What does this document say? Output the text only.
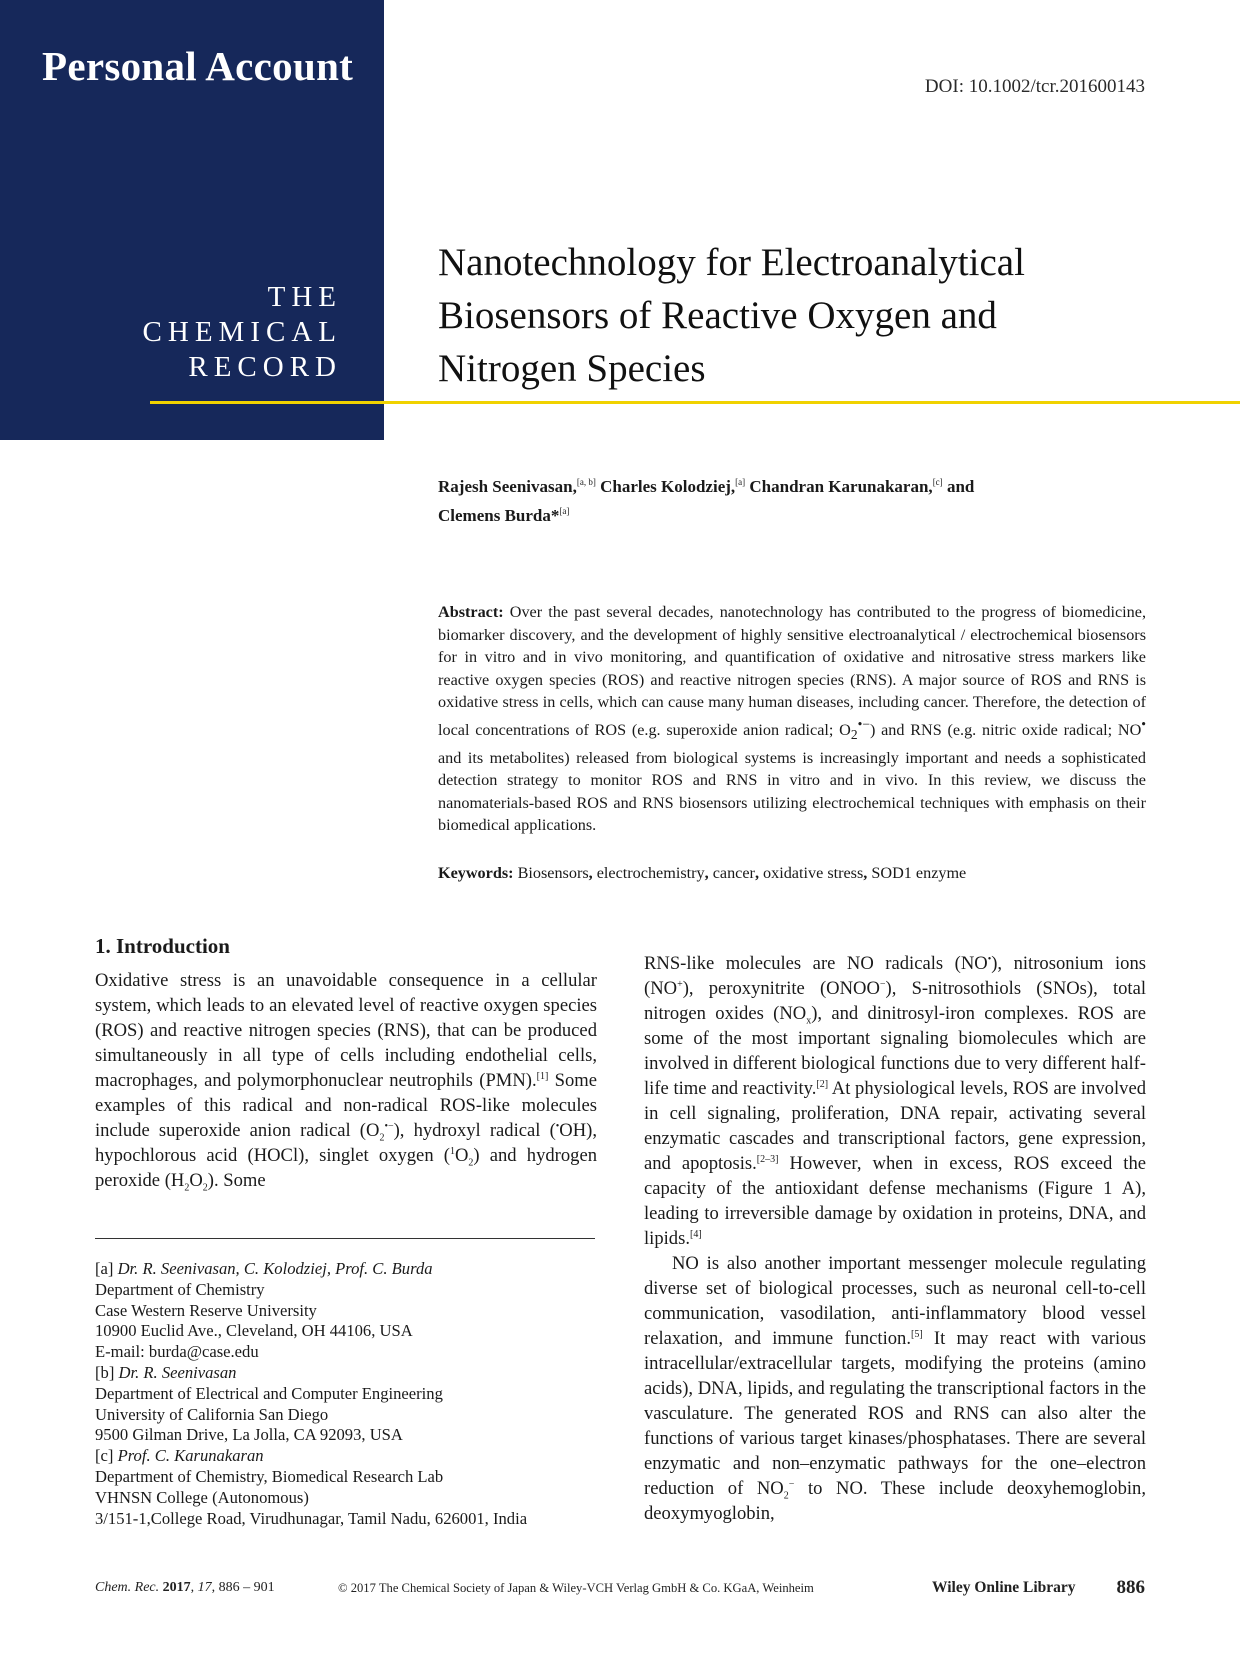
Personal Account
THE
CHEMICAL
RECORD
DOI: 10.1002/tcr.201600143
Nanotechnology for Electroanalytical
Biosensors of Reactive Oxygen and
Nitrogen Species
Rajesh Seenivasan,[a, b] Charles Kolodziej,[a] Chandran Karunakaran,[c] and
Clemens Burda*[a]
Abstract: Over the past several decades, nanotechnology has contributed to the progress of biomedicine, biomarker discovery, and the development of highly sensitive electroanalytical / electrochemical biosensors for in vitro and in vivo monitoring, and quantification of oxidative and nitrosative stress markers like reactive oxygen species (ROS) and reactive nitrogen species (RNS). A major source of ROS and RNS is oxidative stress in cells, which can cause many human diseases, including cancer. Therefore, the detection of local concentrations of ROS (e.g. superoxide anion radical; $O_2^{•-}$) and RNS (e.g. nitric oxide radical; NO• and its metabolites) released from biological systems is increasingly important and needs a sophisticated detection strategy to monitor ROS and RNS in vitro and in vivo. In this review, we discuss the nanomaterials-based ROS and RNS biosensors utilizing electrochemical techniques with emphasis on their biomedical applications.
Keywords: Biosensors, electrochemistry, cancer, oxidative stress, SOD1 enzyme
1. Introduction

Oxidative stress is an unavoidable consequence in a cellular system, which leads to an elevated level of reactive oxygen species (ROS) and reactive nitrogen species (RNS), that can be produced simultaneously in all type of cells including endothelial cells, macrophages, and polymorphonuclear neutrophils (PMN).[1] Some examples of this radical and non-radical ROS-like molecules include superoxide anion radical $(O_2^{•-})$, hydroxyl radical (•OH), hypochlorous acid (HOCl), singlet oxygen $(^1O_2)$ and hydrogen peroxide $(H_2O_2)$. Some

RNS-like molecules are NO radicals (NO•), nitrosonium ions (NO+), peroxynitrite (ONOO−), S-nitrosothiols (SNOs), total nitrogen oxides $(NO_x)$, and dinitrosyl-iron complexes. ROS are some of the most important signaling biomolecules which are involved in different biological functions due to very different half-life time and reactivity.[2] At physiological levels, ROS are involved in cell signaling, proliferation, DNA repair, activating several enzymatic cascades and transcriptional factors, gene expression, and apoptosis.[2–3] However, when in excess, ROS exceed the capacity of the antioxidant defense mechanisms (Figure 1 A), leading to irreversible damage by oxidation in proteins, DNA, and lipids.[4]

NO is also another important messenger molecule regulating diverse set of biological processes, such as neuronal cell-to-cell communication, vasodilation, anti-inflammatory blood vessel relaxation, and immune function.[5] It may react with various intracellular/extracellular targets, modifying the proteins (amino acids), DNA, lipids, and regulating the transcriptional factors in the vasculature. The generated ROS and RNS can also alter the functions of various target kinases/phosphatases. There are several enzymatic and non–enzymatic pathways for the one–electron reduction of $NO_2^-$ to NO. These include deoxyhemoglobin, deoxymyoglobin,

[a] Dr. R. Seenivasan, C. Kolodziej, Prof. C. Burda
Department of Chemistry
Case Western Reserve University
10900 Euclid Ave., Cleveland, OH 44106, USA
E-mail: burda@case.edu
[b] Dr. R. Seenivasan
Department of Electrical and Computer Engineering
University of California San Diego
9500 Gilman Drive, La Jolla, CA 92093, USA
[c] Prof. C. Karunakaran
Department of Chemistry, Biomedical Research Lab
VHNSN College (Autonomous)
3/151-1,College Road, Virudhunagar, Tamil Nadu, 626001, India
Chem. Rec. 2017, 17, 886 – 901	© 2017 The Chemical Society of Japan & Wiley-VCH Verlag GmbH & Co. KGaA, Weinheim	Wiley Online Library 886
